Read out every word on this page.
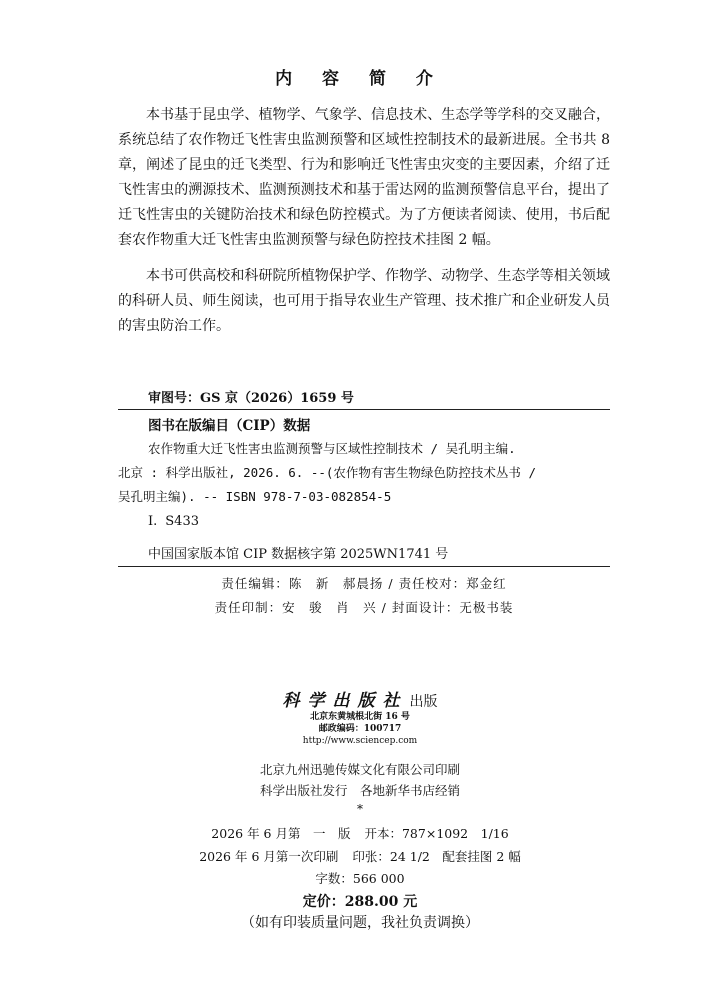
内 容 简 介

本书基于昆虫学、植物学、气象学、信息技术、生态学等学科的交叉融合，系统总结了农作物迁飞性害虫监测预警和区域性控制技术的最新进展。全书共 8 章，阐述了昆虫的迁飞类型、行为和影响迁飞性害虫灾变的主要因素，介绍了迁飞性害虫的溯源技术、监测预测技术和基于雷达网的监测预警信息平台，提出了迁飞性害虫的关键防治技术和绿色防控模式。为了方便读者阅读、使用，书后配套农作物重大迁飞性害虫监测预警与绿色防控技术挂图 2 幅。

本书可供高校和科研院所植物保护学、作物学、动物学、生态学等相关领域的科研人员、师生阅读，也可用于指导农业生产管理、技术推广和企业研发人员的害虫防治工作。

审图号：GS 京（2026）1659 号
图书在版编目（CIP）数据
农作物重大迁飞性害虫监测预警与区域性控制技术 / 吴孔明主编.
北京 : 科学出版社, 2026. 6. --(农作物有害生物绿色防控技术丛书 /
吴孔明主编). -- ISBN 978-7-03-082854-5
Ⅰ. S433
中国国家版本馆 CIP 数据核字第 2025WN1741 号
责任编辑：陈　新　郝晨扬 / 责任校对：郑金红
责任印制：安　骏　肖　兴 / 封面设计：无极书装
科学出版社 出版
北京东黄城根北街 16 号
邮政编码：100717
http://www.sciencep.com
北京九州迅驰传媒文化有限公司印刷
科学出版社发行　各地新华书店经销
*
2026 年 6 月第　一　版 开本：787×1092　1/16
2026 年 6 月第一次印刷 印张：24 1/2　配套挂图 2 幅
字数：566 000
定价：288.00 元
（如有印装质量问题，我社负责调换）
